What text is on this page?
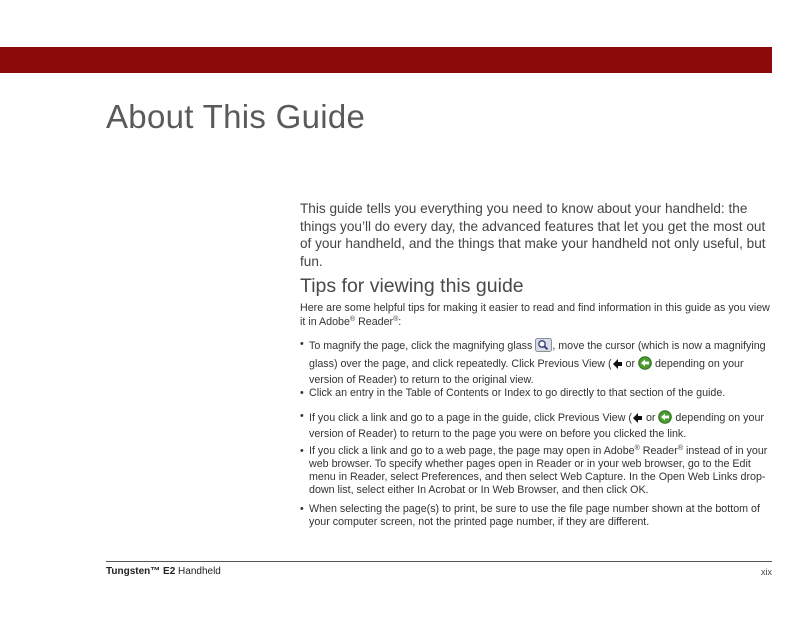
About This Guide

This guide tells you everything you need to know about your handheld: the things you’ll do every day, the advanced features that let you get the most out of your handheld, and the things that make your handheld not only useful, but fun.

Tips for viewing this guide

Here are some helpful tips for making it easier to read and find information in this guide as you view it in Adobe® Reader®:

• To magnify the page, click the magnifying glass , move the cursor (which is now a magnifying glass) over the page, and click repeatedly. Click Previous View ( or  depending on your version of Reader) to return to the original view.
• Click an entry in the Table of Contents or Index to go directly to that section of the guide.
• If you click a link and go to a page in the guide, click Previous View ( or  depending on your version of Reader) to return to the page you were on before you clicked the link.
• If you click a link and go to a web page, the page may open in Adobe® Reader® instead of in your web browser. To specify whether pages open in Reader or in your web browser, go to the Edit menu in Reader, select Preferences, and then select Web Capture. In the Open Web Links drop-down list, select either In Acrobat or In Web Browser, and then click OK.
• When selecting the page(s) to print, be sure to use the file page number shown at the bottom of your computer screen, not the printed page number, if they are different.
Tungsten™ E2 Handheld	xix
